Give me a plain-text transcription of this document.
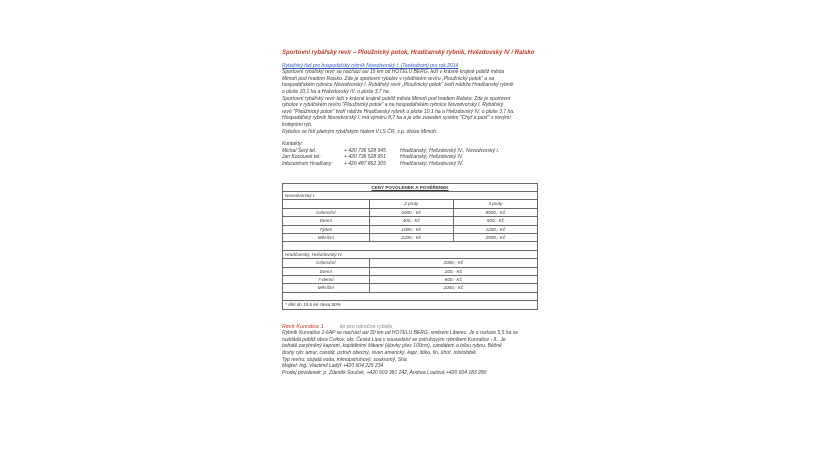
Sportovní rybářský revír – Ploužnický potok, Hradčanský rybník, Hvězdovský IV / Ralsko
Rybářský řád pro hospodářský rybník Novodvorský I. (Tankodrom) pro rok 2014
Sportovní rybářský revír se nachází asi 15 km od HOTELU BERG, leží v krásné krajině poblíž města
Mimoň pod hradem Ralsko. Zde je sportovní rybolov v rybářském revíru „Ploužnický potok" a na
hospodářském rybníce Novodvorský I. Rybářský revír „Ploužnický potok" tvoří nádrže Hradčanský rybník
o ploše 10,1 ha a Hvězdovský IV. o ploše 3,7 ha.
Sportovní rybářský revír leží v krásné krajině poblíž města Mimoň pod hradem Ralsko. Zde je sportovní
rybolov v rybářském revíru "Ploužnický potok" a na hospodářském rybníce Novodvorský I. Rybářský
revír "Ploužnický potok" tvoří nádrže Hradčanský rybník o ploše 10,1 ha a Hvězdovský IV. o ploše 3,7 ha.
Hospodářský rybník Novodvorský I. má výměru 8,7 ha a je zde zaveden systém "Chyť a pusť" s novými
trofejními ryb.
Rybolov se řídí platným rybářským řádem V.l.S ČR, s.p. divize Mimoň.
Kontakty:
Michal Šerý tel.:	+ 420 736 528 945	Hradčanský, Hvězdovský IV., Novodvorský I.
Jan Kocourek tel.:	+ 420 736 528 951	Hradčanský, Hvězdovský IV.
Infocentrum Hradčany:	+ 420 487 862 305	Hradčanský, Hvězdovský IV.
CENY POVOLENEK A POVĚŘENEK		
Novodvorský I.		
	2 pruty	3 pruty
Celoroční	6000,- Kč	8000,- Kč
Denní	400,- Kč	500,- Kč
Týden	1000,- Kč	1200,- Kč
Měsíční	2200,- Kč	2500,- Kč

Hradčanský, Hvězdovský IV.		
Celoroční	2000,- Kč	
Denní	200,- Kč	
7-denní	800,- Kč	
Měsíční	1000,- Kč	

* děti do 15-ti let sleva 50%		
Revír Kunratice 1	tip pro náročné rybáře
Rybník Kunratice 1-6AP se nachází asi 30 km od HOTELU BERG, směrem Liberec. Je o rozloze 5,5 ha se
rozkládá poblíž obce Cvikov, okr. Česká Lípa v sousedství se pstruhovým rybníkem Kunratice - II.. Je
bohatě zarybněný kaprem, kapitálními štikami (úlovky přes 100cm), candátem a bílou rybou. Běžné
druhy ryb: amur, candát, pstruh obecný, siven americký, kapr, štika, lín, úhoř, tolstolobik.
Typ revíru: stojatá voda, mimopstruhový, soukromý, Sha
Majitel: Ing. Vlastimil Ladýř +420 604 225 234
Prodej povolenek: p. Zdeněk Souček, +420 603 381 242, Andrea Loulová +420 604 183 280
